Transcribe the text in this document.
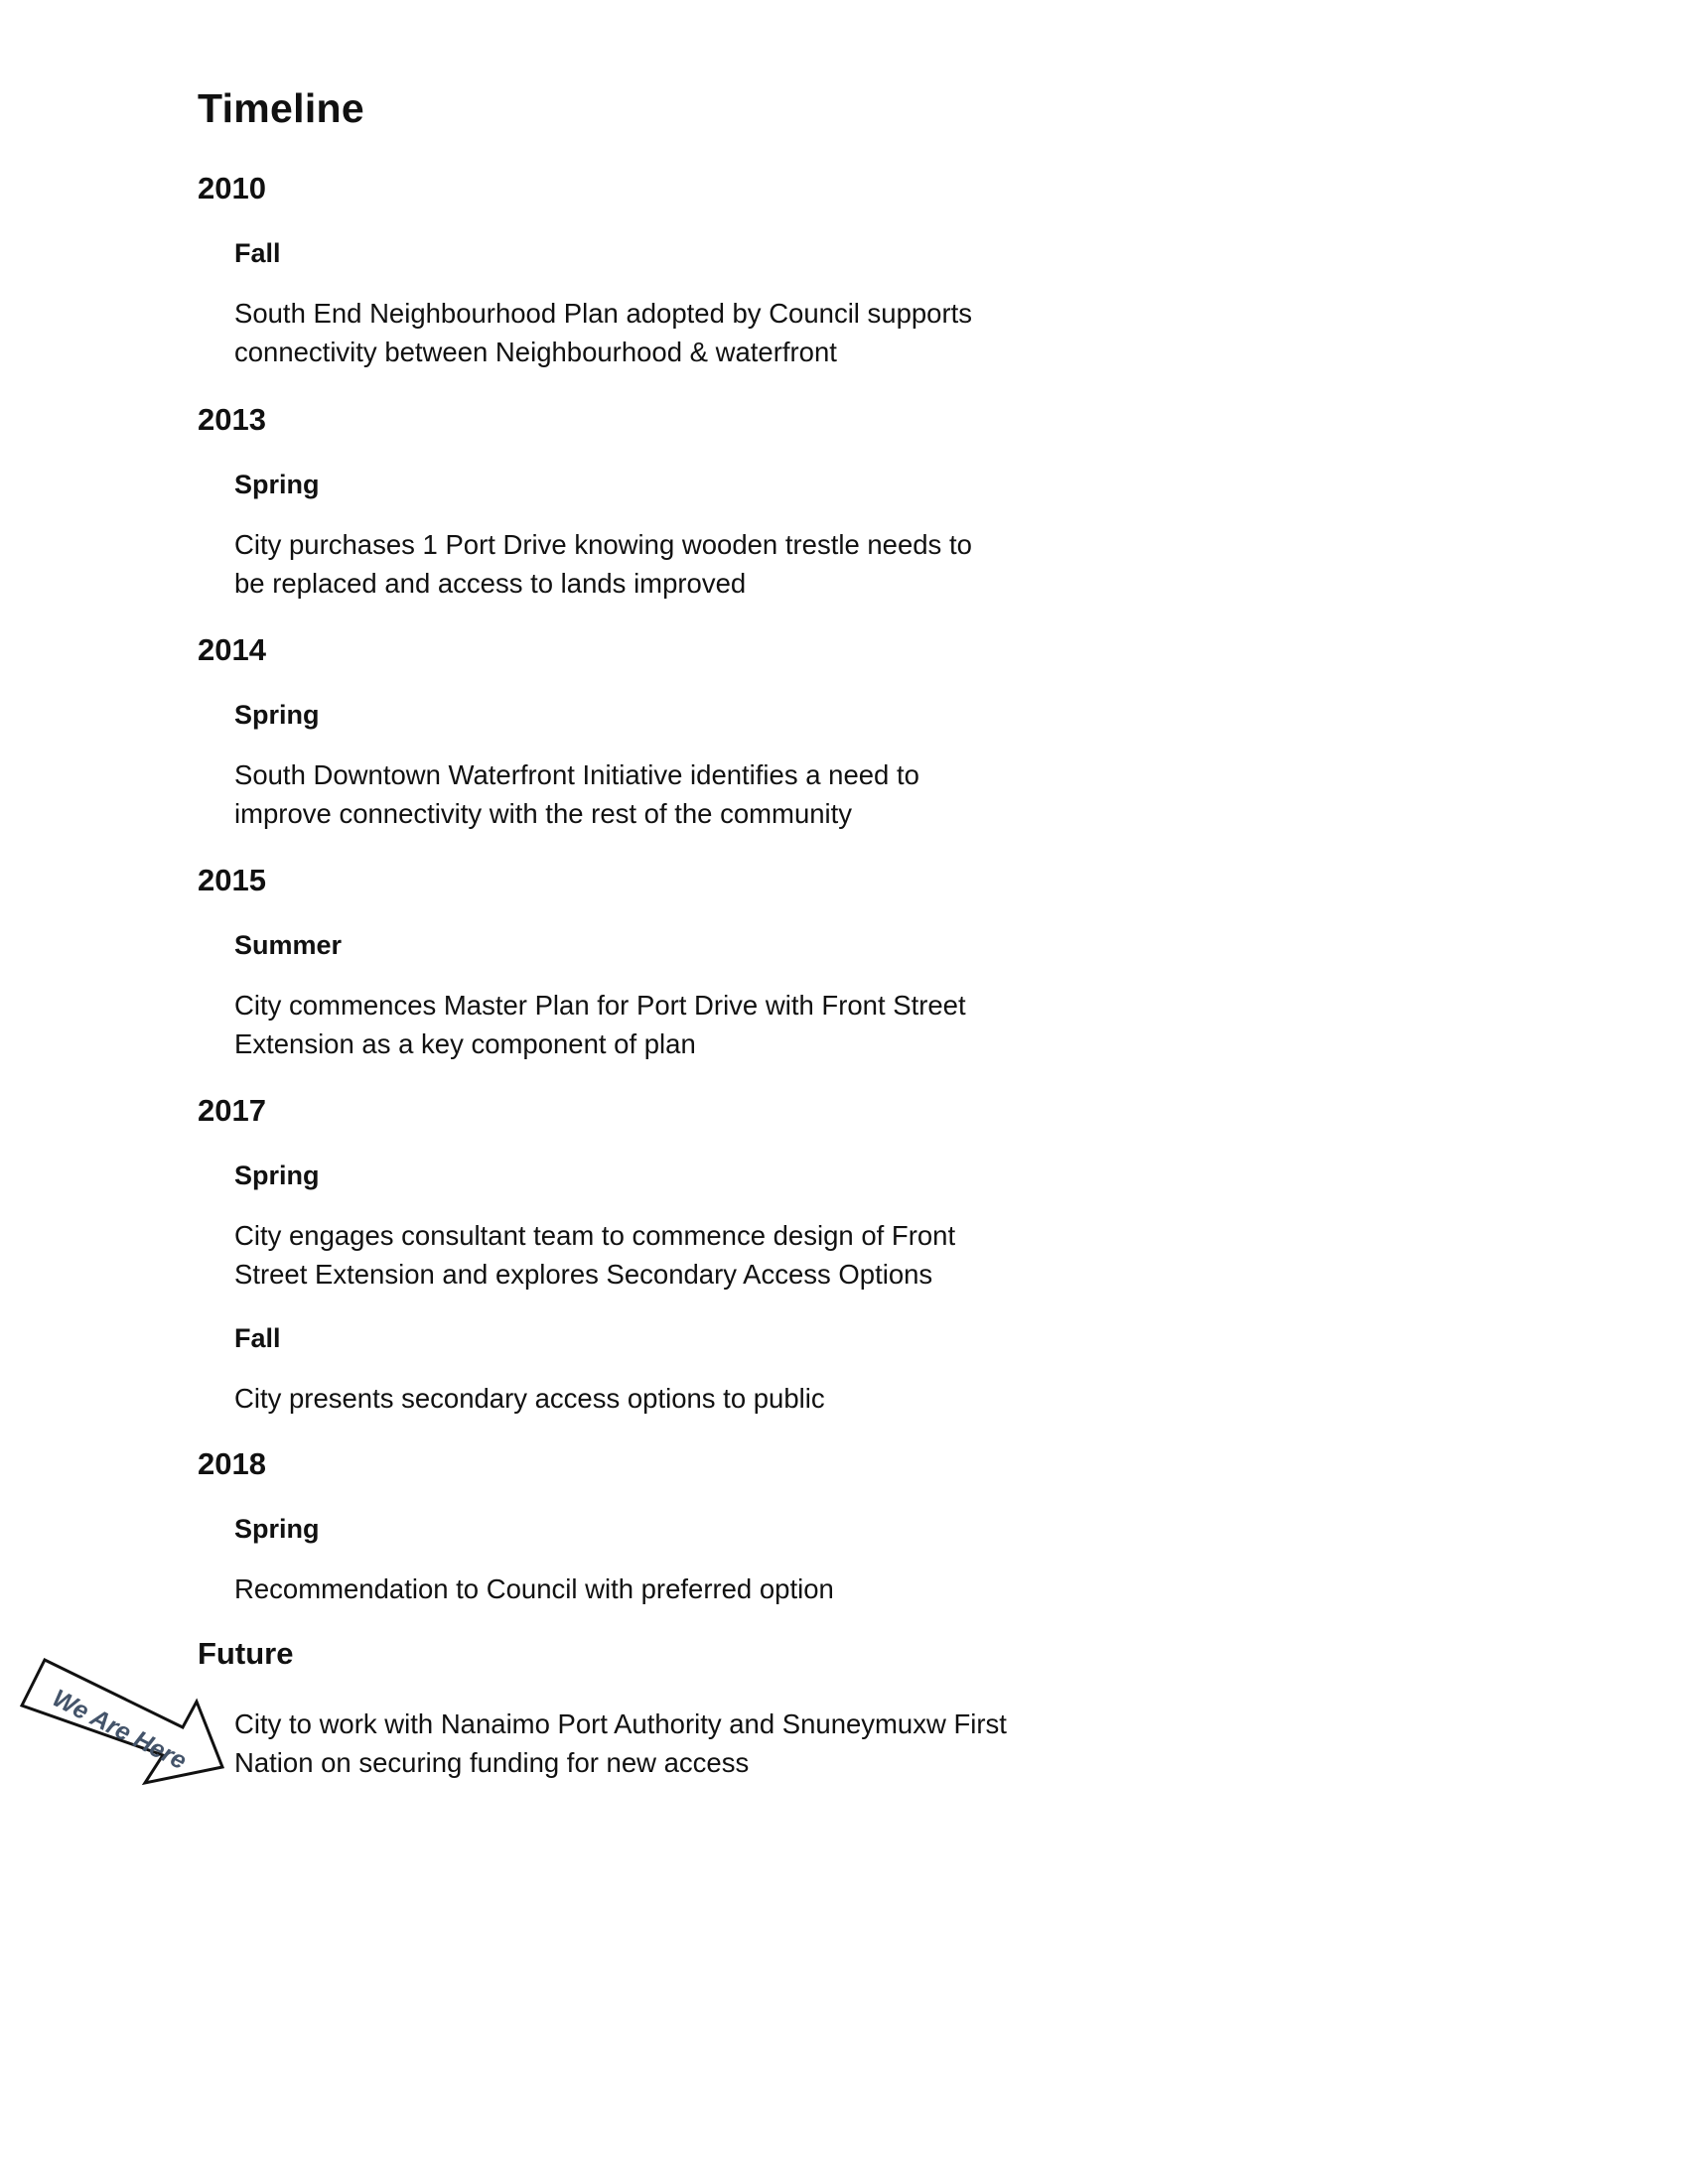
Timeline
2010
Fall
South End Neighbourhood Plan adopted by Council supports connectivity between Neighbourhood & waterfront
2013
Spring
City purchases 1 Port Drive knowing wooden trestle needs to be replaced and access to lands improved
2014
Spring
South Downtown Waterfront Initiative identifies a need to improve connectivity with the rest of the community
2015
Summer
City commences Master Plan for Port Drive with Front Street Extension as a key component of plan
2017
Spring
City engages consultant team to commence design of Front Street Extension and explores Secondary Access Options
Fall
City presents secondary access options to public
2018
Spring
Recommendation to Council with preferred option
Future
City to work with Nanaimo Port Authority and Snuneymuxw First Nation on securing funding for new access
We Are Here
